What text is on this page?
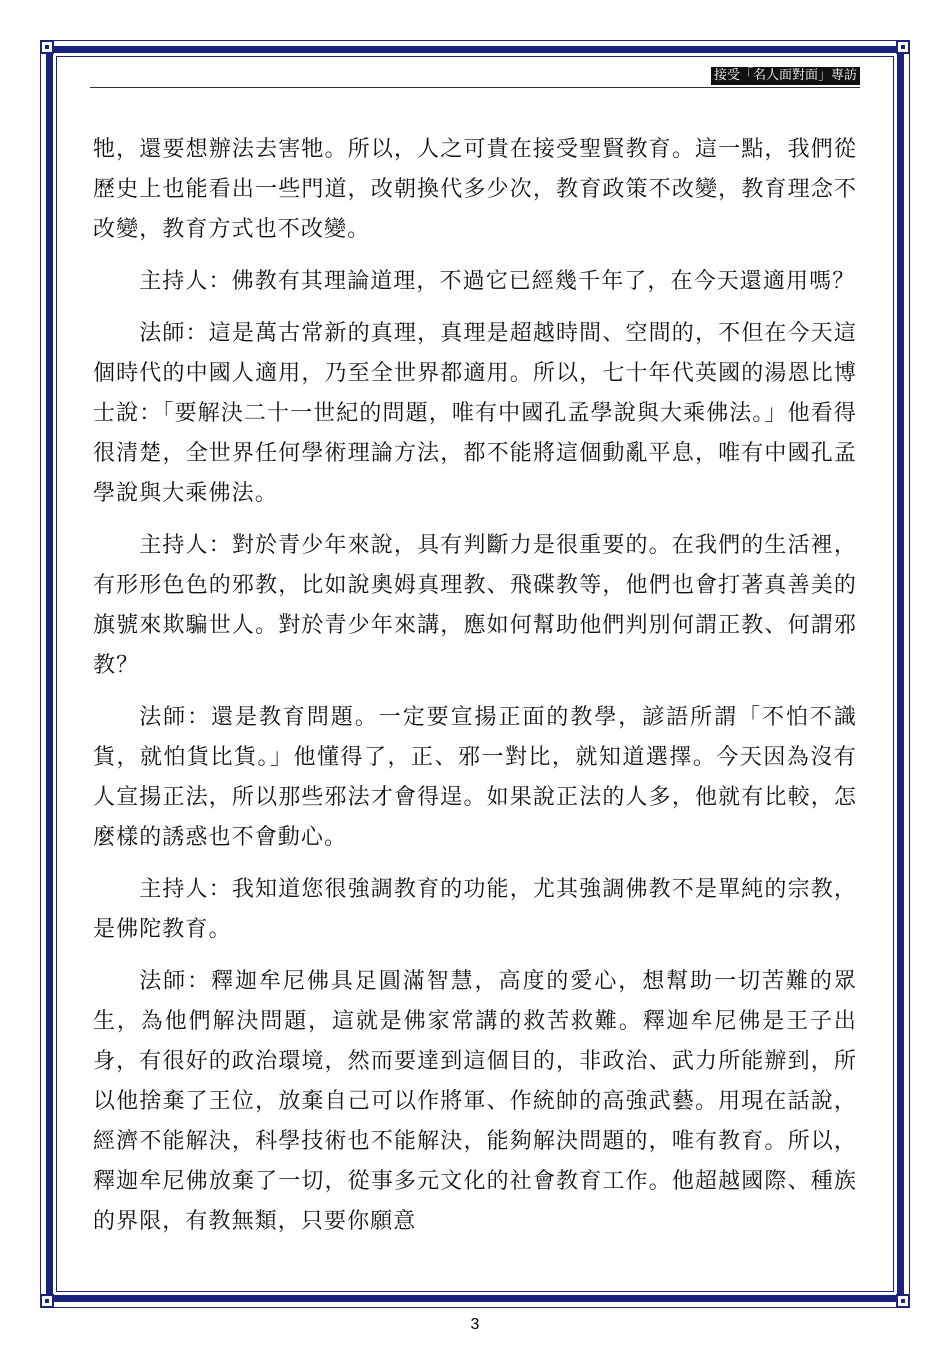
接受「名人面對面」專訪

牠，還要想辦法去害牠。所以，人之可貴在接受聖賢教育。這一點，我們從歷史上也能看出一些門道，改朝換代多少次，教育政策不改變，教育理念不改變，教育方式也不改變。

主持人：佛教有其理論道理，不過它已經幾千年了，在今天還適用嗎？

法師：這是萬古常新的真理，真理是超越時間、空間的，不但在今天這個時代的中國人適用，乃至全世界都適用。所以，七十年代英國的湯恩比博士說：「要解決二十一世紀的問題，唯有中國孔孟學說與大乘佛法。」他看得很清楚，全世界任何學術理論方法，都不能將這個動亂平息，唯有中國孔孟學說與大乘佛法。

主持人：對於青少年來說，具有判斷力是很重要的。在我們的生活裡，有形形色色的邪教，比如說奧姆真理教、飛碟教等，他們也會打著真善美的旗號來欺騙世人。對於青少年來講，應如何幫助他們判別何謂正教、何謂邪教？

法師：還是教育問題。一定要宣揚正面的教學，諺語所謂「不怕不識貨，就怕貨比貨。」他懂得了，正、邪一對比，就知道選擇。今天因為沒有人宣揚正法，所以那些邪法才會得逞。如果說正法的人多，他就有比較，怎麼樣的誘惑也不會動心。

主持人：我知道您很強調教育的功能，尤其強調佛教不是單純的宗教，是佛陀教育。

法師：釋迦牟尼佛具足圓滿智慧，高度的愛心，想幫助一切苦難的眾生，為他們解決問題，這就是佛家常講的救苦救難。釋迦牟尼佛是王子出身，有很好的政治環境，然而要達到這個目的，非政治、武力所能辦到，所以他捨棄了王位，放棄自己可以作將軍、作統帥的高強武藝。用現在話說，經濟不能解決，科學技術也不能解決，能夠解決問題的，唯有教育。所以，釋迦牟尼佛放棄了一切，從事多元文化的社會教育工作。他超越國際、種族的界限，有教無類，只要你願意

3
